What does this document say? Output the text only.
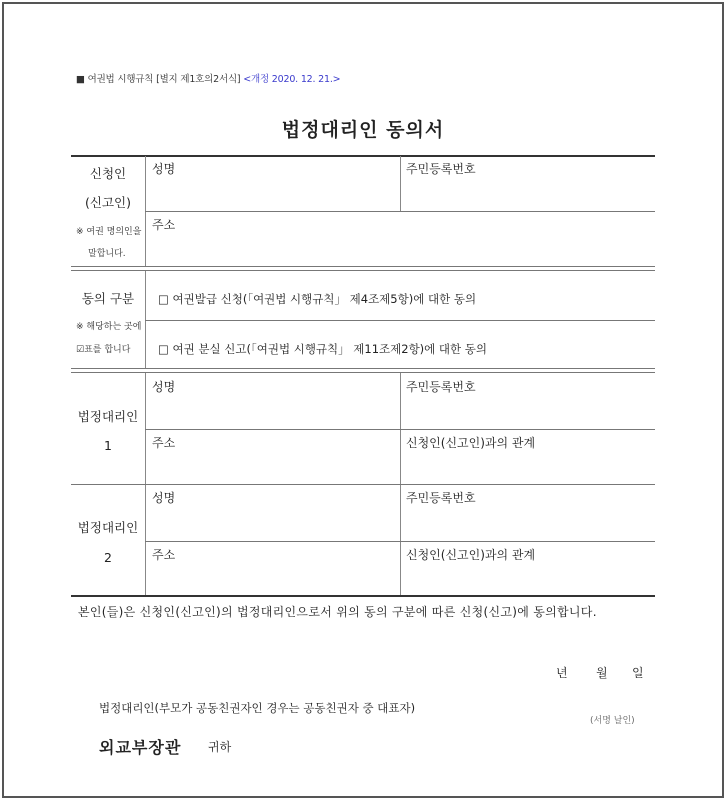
■ 여권법 시행규칙 [별지 제1호의2서식] <개정 2020. 12. 21.>
법정대리인 동의서
신청인
(신고인)
※ 여권 명의인을
말합니다.
성명	주민등록번호
주소
동의 구분
※ 해당하는 곳에
☑표를 합니다
□ 여권발급 신청(「여권법 시행규칙」 제4조제5항)에 대한 동의
□ 여권 분실 신고(「여권법 시행규칙」 제11조제2항)에 대한 동의
법정대리인
1
성명	주민등록번호
주소	신청인(신고인)과의 관계
법정대리인
2
성명	주민등록번호
주소	신청인(신고인)과의 관계
본인(들)은 신청인(신고인)의 법정대리인으로서 위의 동의 구분에 따른 신청(신고)에 동의합니다.
년 월 일
법정대리인(부모가 공동친권자인 경우는 공동친권자 중 대표자)
(서명 날인)
외교부장관 귀하
